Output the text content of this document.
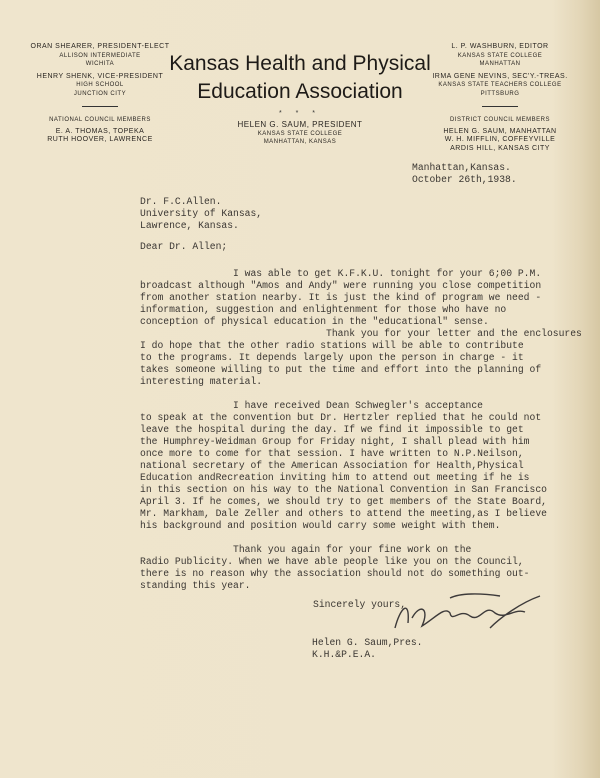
ORAN SHEARER, PRESIDENT-ELECT
ALLISON INTERMEDIATE
WICHITA
HENRY SHENK, VICE-PRESIDENT
HIGH SCHOOL
JUNCTION CITY
NATIONAL COUNCIL MEMBERS
E. A. THOMAS, TOPEKA
RUTH HOOVER, LAWRENCE
Kansas Health and Physical
Education Association
* * *
HELEN G. SAUM, PRESIDENT
KANSAS STATE COLLEGE
MANHATTAN, KANSAS
L. P. WASHBURN, EDITOR
KANSAS STATE COLLEGE
MANHATTAN
IRMA GENE NEVINS, SEC'Y.-TREAS.
KANSAS STATE TEACHERS COLLEGE
PITTSBURG
DISTRICT COUNCIL MEMBERS
HELEN G. SAUM, MANHATTAN
W. H. MIFFLIN, COFFEYVILLE
ARDIS HILL, KANSAS CITY
Manhattan,Kansas.
October 26th,1938.
Dr. F.C.Allen.
University of Kansas,
Lawrence, Kansas.
Dear Dr. Allen;
I was able to get K.F.K.U. tonight for your 6;00 P.M.
broadcast although "Amos and Andy" were running you close competition
from another station nearby. It is just the kind of program we need -
information, suggestion and enlightenment for those who have no
conception of physical education in the "educational" sense.
Thank you for your letter and the enclosures
I do hope that the other radio stations will be able to contribute
to the programs. It depends largely upon the person in charge - it
takes someone willing to put the time and effort into the planning of
interesting material.
I have received Dean Schwegler's acceptance
to speak at the convention but Dr. Hertzler replied that he could not
leave the hospital during the day. If we find it impossible to get
the Humphrey-Weidman Group for Friday night, I shall plead with him
once more to come for that session. I have written to N.P.Neilson,
national secretary of the American Association for Health,Physical
Education andRecreation inviting him to attend out meeting if he is
in this section on his way to the National Convention in San Francisco
April 3. If he comes, we should try to get members of the State Board,
Mr. Markham, Dale Zeller and others to attend the meeting,as I believe
his background and position would carry some weight with them.
Thank you again for your fine work on the
Radio Publicity. When we have able people like you on the Council,
there is no reason why the association should not do something out-
standing this year.
Sincerely yours,
Helen G. Saum,Pres.
K.H.&P.E.A.
